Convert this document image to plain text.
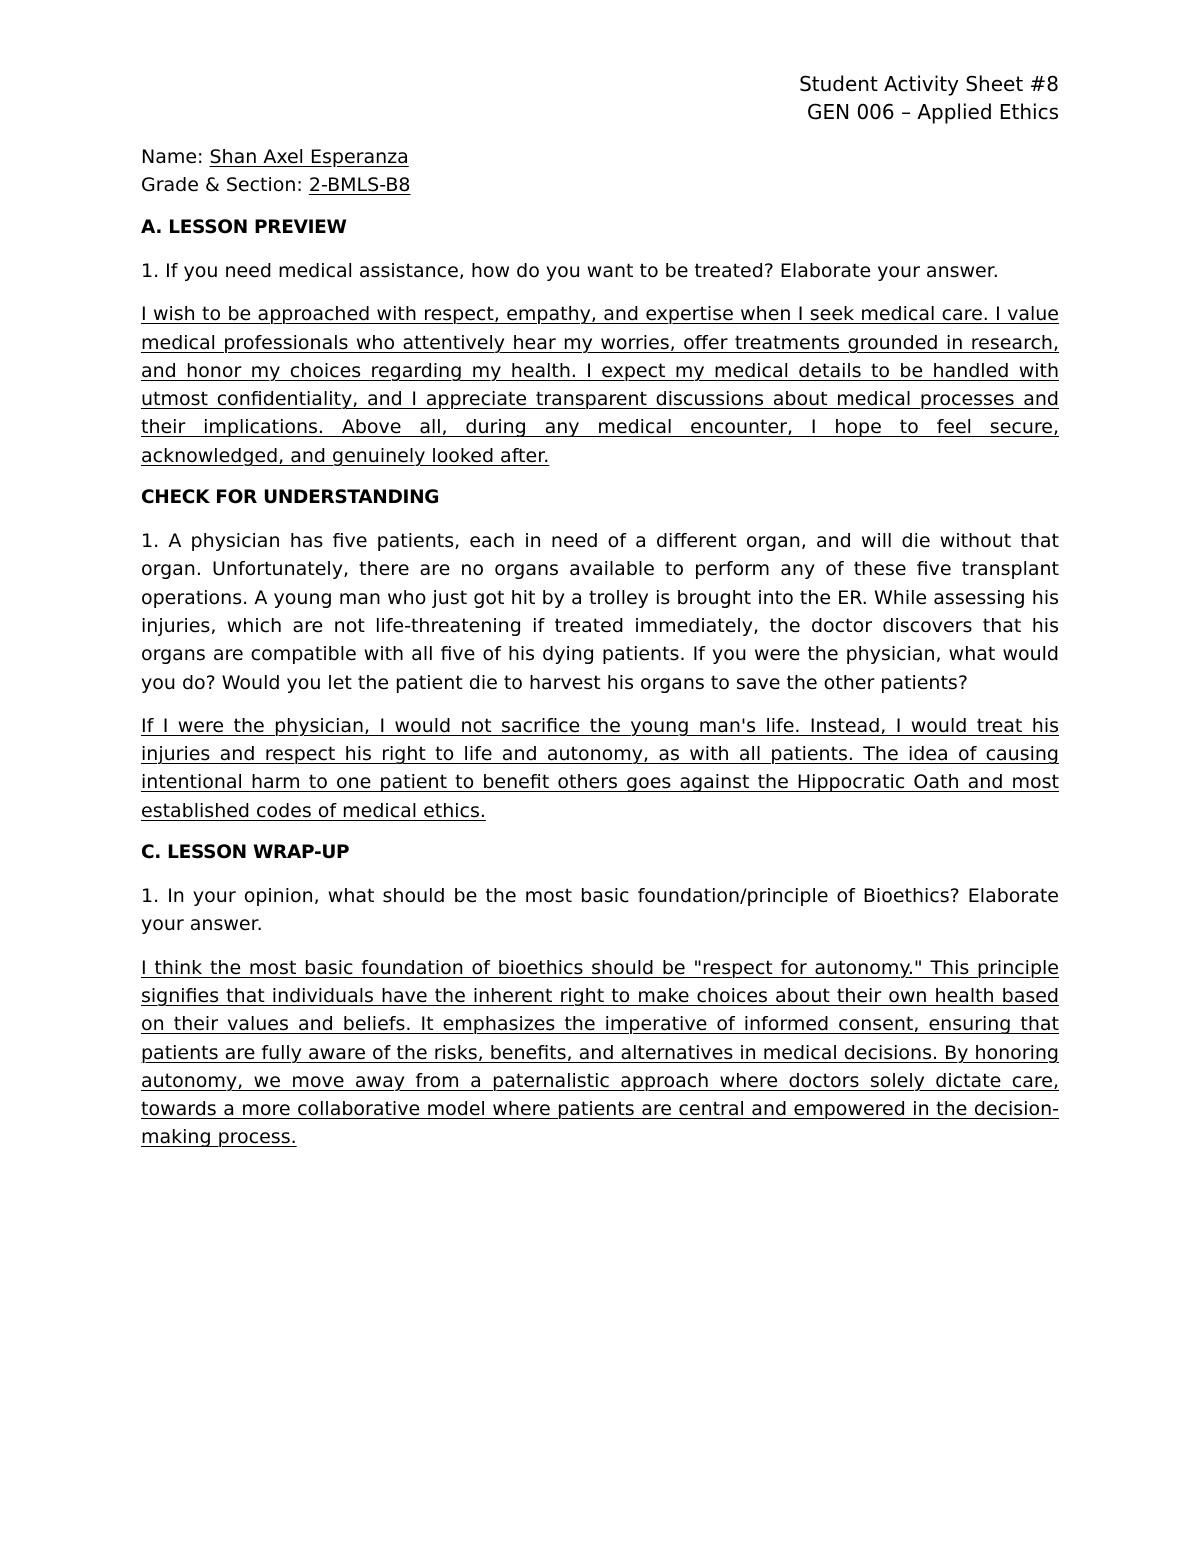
Student Activity Sheet #8
GEN 006 – Applied Ethics
Name: Shan Axel Esperanza
Grade & Section: 2-BMLS-B8
A. LESSON PREVIEW

1. If you need medical assistance, how do you want to be treated? Elaborate your answer.

I wish to be approached with respect, empathy, and expertise when I seek medical care. I value medical professionals who attentively hear my worries, offer treatments grounded in research, and honor my choices regarding my health. I expect my medical details to be handled with utmost confidentiality, and I appreciate transparent discussions about medical processes and their implications. Above all, during any medical encounter, I hope to feel secure, acknowledged, and genuinely looked after.

CHECK FOR UNDERSTANDING

1. A physician has five patients, each in need of a different organ, and will die without that organ. Unfortunately, there are no organs available to perform any of these five transplant operations. A young man who just got hit by a trolley is brought into the ER. While assessing his injuries, which are not life-threatening if treated immediately, the doctor discovers that his organs are compatible with all five of his dying patients. If you were the physician, what would you do? Would you let the patient die to harvest his organs to save the other patients?

If I were the physician, I would not sacrifice the young man's life. Instead, I would treat his injuries and respect his right to life and autonomy, as with all patients. The idea of causing intentional harm to one patient to benefit others goes against the Hippocratic Oath and most established codes of medical ethics.

C. LESSON WRAP-UP

1. In your opinion, what should be the most basic foundation/principle of Bioethics? Elaborate your answer.

I think the most basic foundation of bioethics should be "respect for autonomy." This principle signifies that individuals have the inherent right to make choices about their own health based on their values and beliefs. It emphasizes the imperative of informed consent, ensuring that patients are fully aware of the risks, benefits, and alternatives in medical decisions. By honoring autonomy, we move away from a paternalistic approach where doctors solely dictate care, towards a more collaborative model where patients are central and empowered in the decision-making process.
